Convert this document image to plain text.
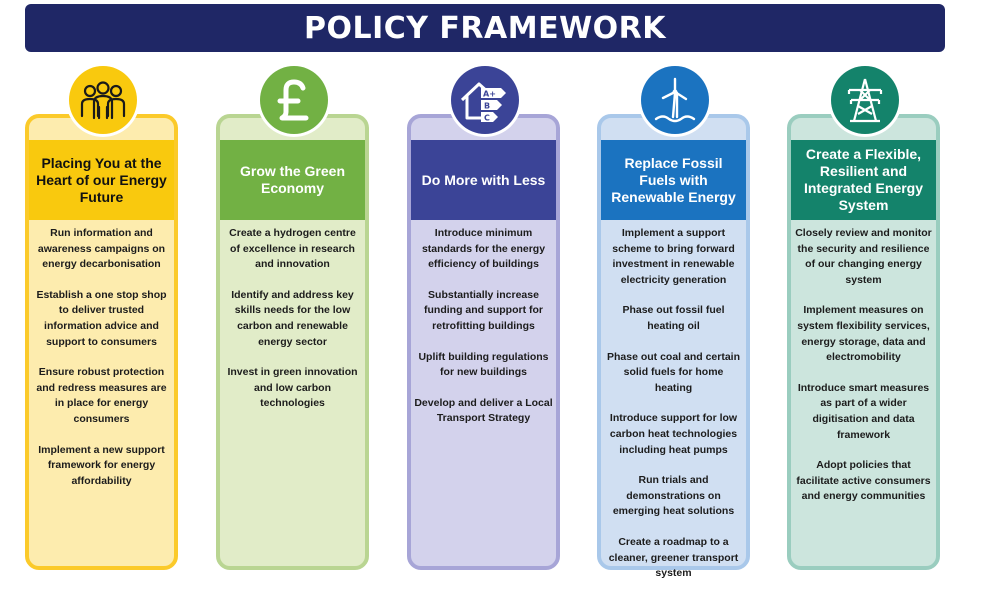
POLICY FRAMEWORK
Placing You at the Heart of our Energy Future

Run information and awareness campaigns on energy decarbonisation

Establish a one stop shop to deliver trusted information advice and support to consumers

Ensure robust protection and redress measures are in place for energy consumers

Implement a new support framework for energy affordability

Grow the Green Economy

Create a hydrogen centre of excellence in research and innovation

Identify and address key skills needs for the low carbon and renewable energy sector

Invest in green innovation and low carbon technologies

Do More with Less

Introduce minimum standards for the energy efficiency of buildings

Substantially increase funding and support for retrofitting buildings

Uplift building regulations for new buildings

Develop and deliver a Local Transport Strategy

A+
B
C
Replace Fossil Fuels with Renewable Energy

Implement a support scheme to bring forward investment in renewable electricity generation

Phase out fossil fuel heating oil

Phase out coal and certain solid fuels for home heating

Introduce support for low carbon heat technologies including heat pumps

Run trials and demonstrations on emerging heat solutions

Create a roadmap to a cleaner, greener transport system

Create a Flexible, Resilient and Integrated Energy System

Closely review and monitor the security and resilience of our changing energy system

Implement measures on system flexibility services, energy storage, data and electromobility

Introduce smart measures as part of a wider digitisation and data framework

Adopt policies that facilitate active consumers and energy communities
